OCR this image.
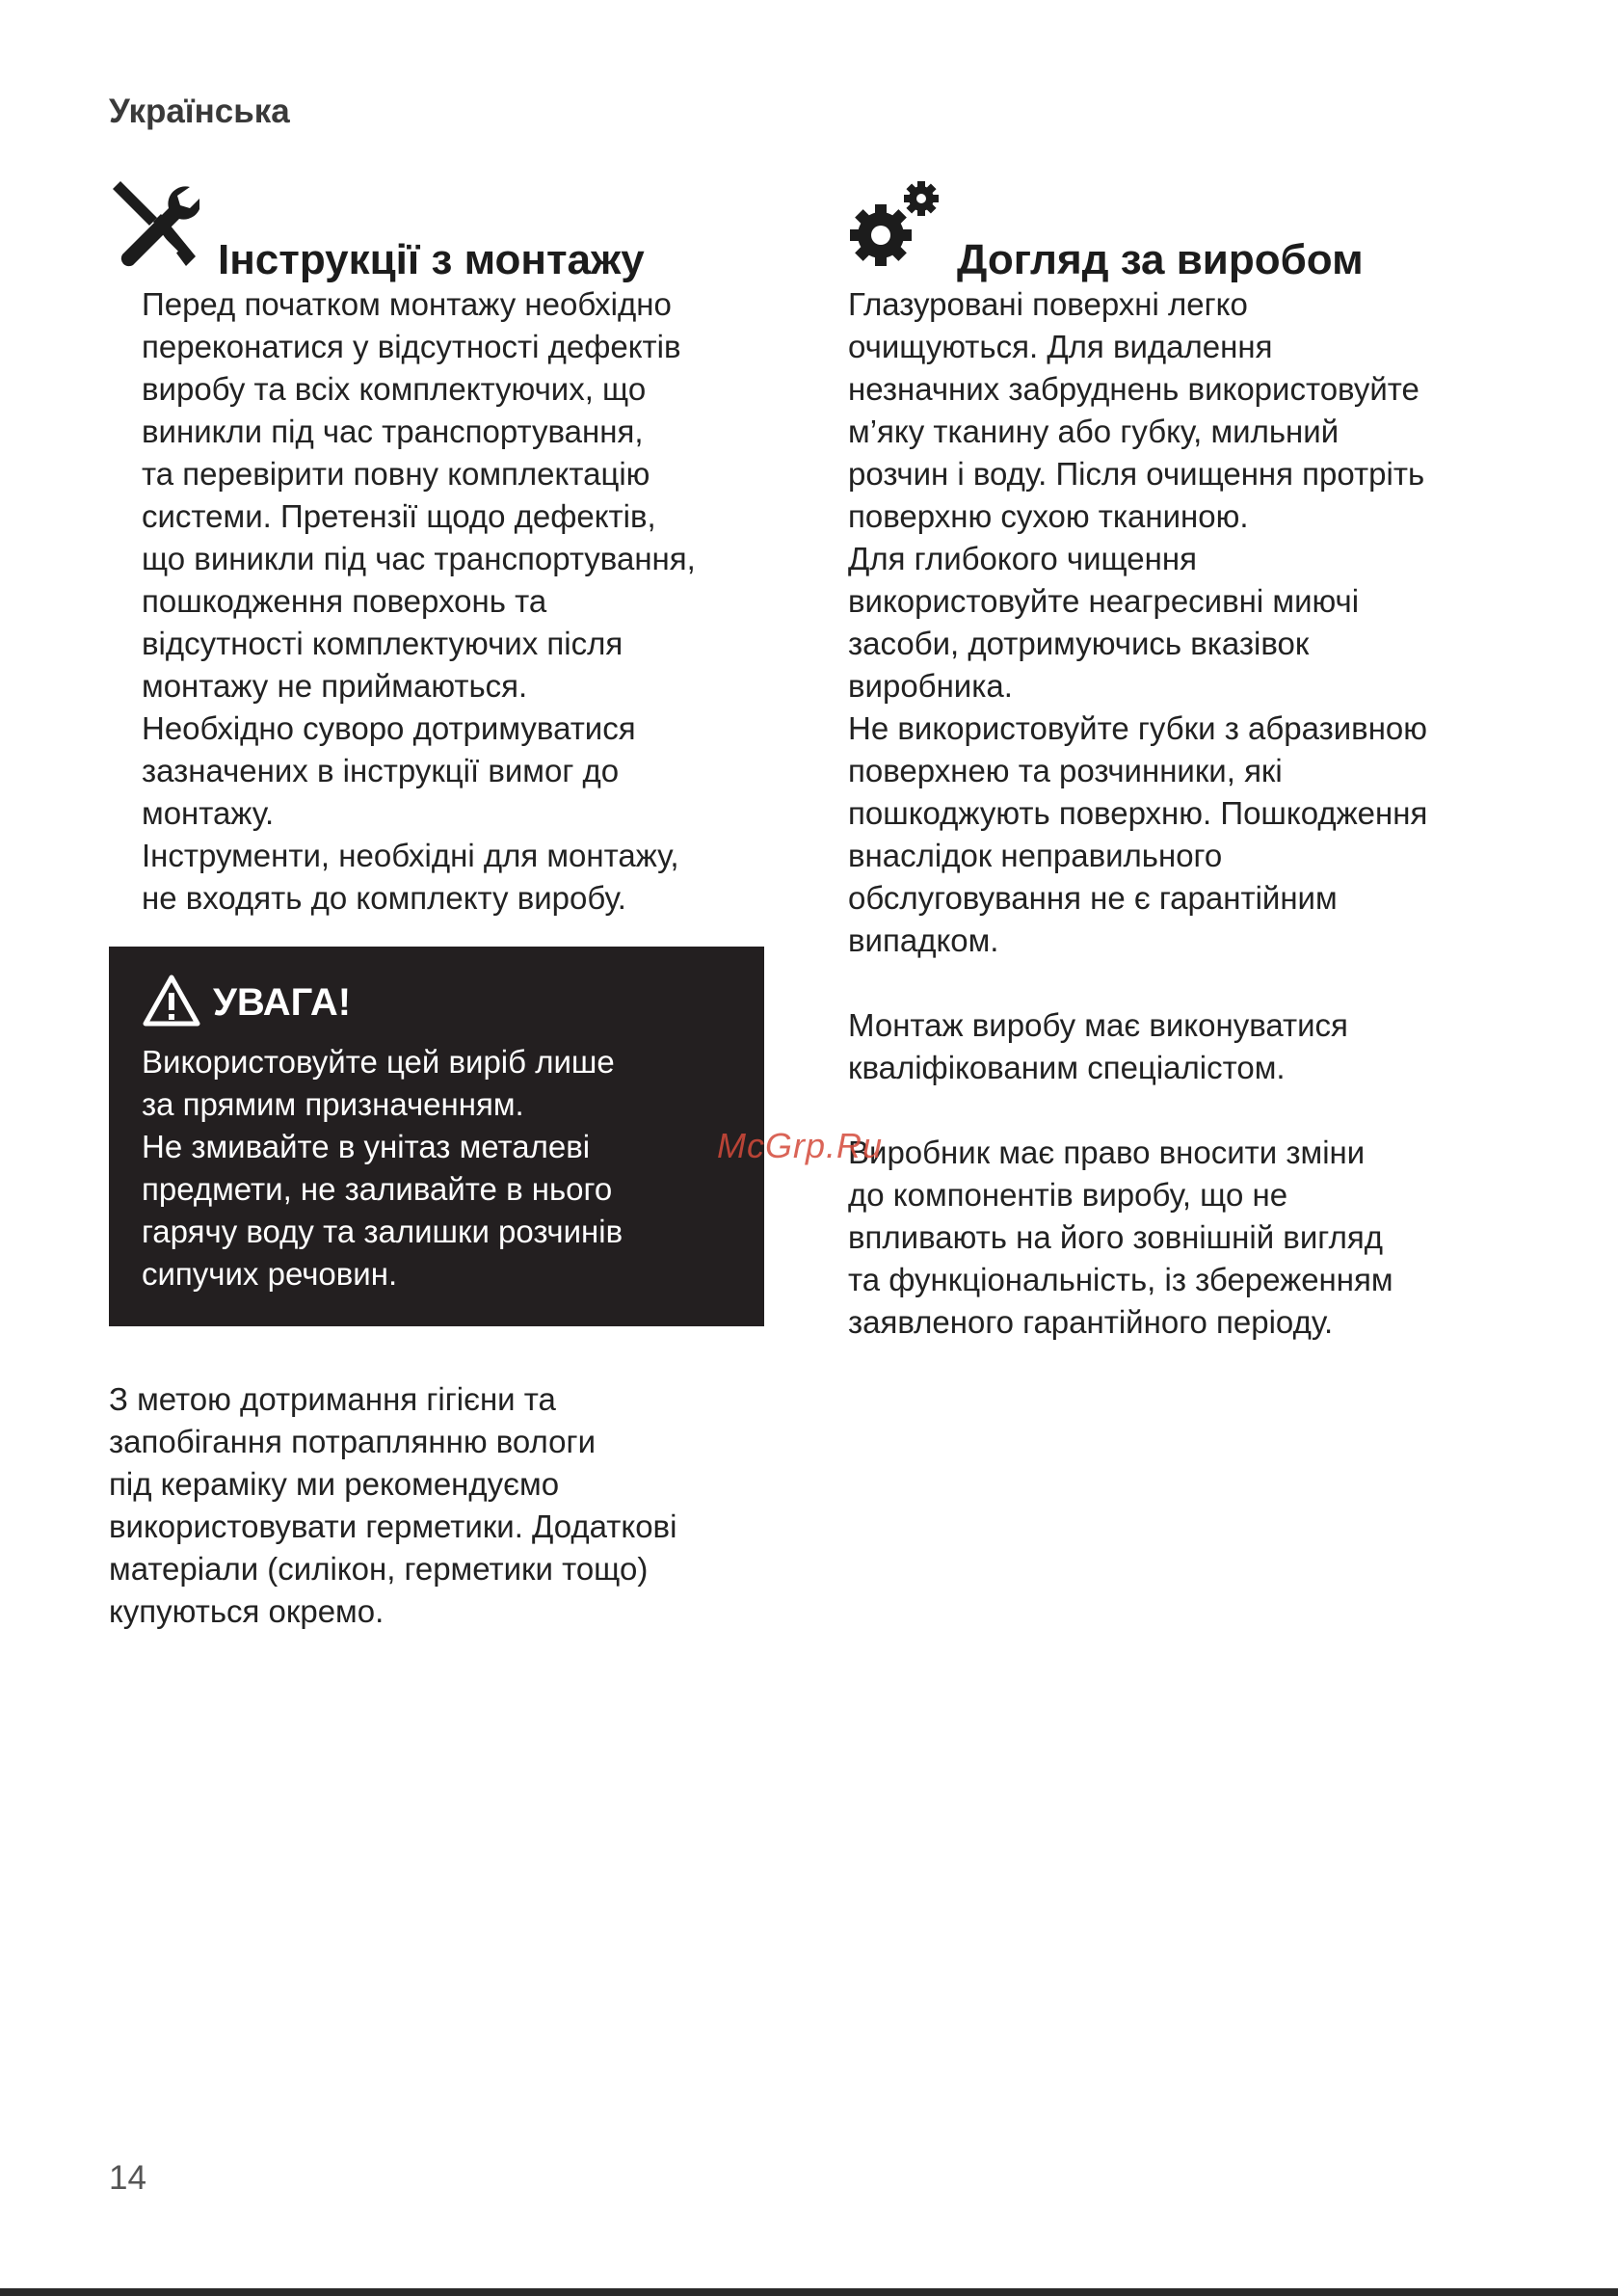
Українська
Інструкції з монтажу
Перед початком монтажу необхідно
переконатися у відсутності дефектів
виробу та всіх комплектуючих, що
виникли під час транспортування,
та перевірити повну комплектацію
системи. Претензії щодо дефектів,
що виникли під час транспортування,
пошкодження поверхонь та
відсутності комплектуючих після
монтажу не приймаються.
Необхідно суворо дотримуватися
зазначених в інструкції вимог до
монтажу.
Інструменти, необхідні для монтажу,
не входять до комплекту виробу.
УВАГА!
Використовуйте цей виріб лише
за прямим призначенням.
Не змивайте в унітаз металеві
предмети, не заливайте в нього
гарячу воду та залишки розчинів
сипучих речовин.
З метою дотримання гігієни та
запобігання потраплянню вологи
під кераміку ми рекомендуємо
використовувати герметики. Додаткові
матеріали (силікон, герметики тощо)
купуються окремо.
Догляд за виробом
Глазуровані поверхні легко
очищуються. Для видалення
незначних забруднень використовуйте
м’яку тканину або губку, мильний
розчин і воду. Після очищення протріть
поверхню сухою тканиною.
Для глибокого чищення
використовуйте неагресивні миючі
засоби, дотримуючись вказівок
виробника.
Не використовуйте губки з абразивною
поверхнею та розчинники, які
пошкоджують поверхню. Пошкодження
внаслідок неправильного
обслуговування не є гарантійним
випадком.
Монтаж виробу має виконуватися
кваліфікованим спеціалістом.
Виробник має право вносити зміни
до компонентів виробу, що не
впливають на його зовнішній вигляд
та функціональність, із збереженням
заявленого гарантійного періоду.
McGrp.Ru
14
